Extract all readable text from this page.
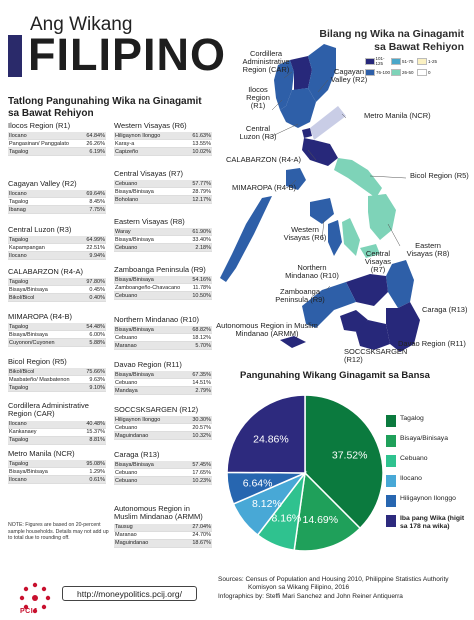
Ang Wikang
FILIPINO	Bilang ng Wika na Ginagamit sa Bawat Rehiyon
101-125	51-75	1-25
76-100	26-50	0
Tatlong Pangunahing Wika na Ginagamit sa Bawat Rehiyon
Ilocos Region (R1)
Ilocano	64.84%
Pangasinan/ Panggalato	26.26%
Tagalog	6.19%
Cagayan Valley (R2)
Ilocano	69.64%
Tagalog	8.45%
Ibanag	7.75%
Central Luzon (R3)
Tagalog	64.99%
Kapampangan	22.51%
Ilocano	9.94%
CALABARZON (R4-A)
Tagalog	97.80%
Bisaya/Binisaya	0.45%
Bikol/Bicol	0.40%
MIMAROPA (R4-B)
Tagalog	54.48%
Bisaya/Binisaya	6.00%
Cuyonon/Cuyonen	5.88%
Bicol Region (R5)
Bikol/Bicol	75.66%
Masbateño/ Masbatenon	9.63%
Tagalog	9.10%
Cordillera Administrative Region (CAR)
Ilocano	40.48%
Kankanaey	15.37%
Tagalog	8.81%
Metro Manila (NCR)
Tagalog	95.08%
Bisaya/Binisaya	1.29%
Ilocano	0.61%
Western Visayas (R6)
Hiligaynon Ilonggo	61.63%
Karay-a	13.55%
Capizeño	10.02%
Central Visayas (R7)
Cebuano	57.77%
Bisaya/Binisaya	28.79%
Boholano	12.17%
Eastern Visayas (R8)
Waray	61.90%
Bisaya/Binisaya	33.40%
Cebuano	2.18%
Zamboanga Peninsula (R9)
Bisaya/Binisaya	54.16%
Zamboangeño-Chavacano	11.78%
Cebuano	10.50%
Northern Mindanao (R10)
Bisaya/Binisaya	68.82%
Cebuano	18.12%
Maranao	5.70%
Davao Region (R11)
Bisaya/Binisaya	67.35%
Cebuano	14.51%
Mandaya	2.79%
SOCCSKSARGEN (R12)
Hiligaynon Ilonggo	30.30%
Cebuano	20.57%
Maguindanao	10.32%
Caraga (R13)
Bisaya/Binisaya	57.45%
Cebuano	17.65%
Cebuano	10.23%
Autonomous Region in Muslim Mindanao (ARMM)
Tausug	27.04%
Maranao	24.70%
Maguindanao	18.67%
NOTE: Figures are based on 20-percent sample households. Details may not add up to total due to rounding off.
Cordillera Administrative Region (CAR)	Cagayan Valley (R2)
Ilocos Region (R1)
Central Luzon (R3)
Metro Manila (NCR)
CALABARZON (R4-A)
MIMAROPA (R4-B)
Bicol Region (R5)
Western Visayas (R6)
Eastern Visayas (R8)
Central Visayas (R7)
Northern Mindanao (R10)
Zamboanga Peninsula (R9)
Caraga (R13)
Autonomous Region in Muslim Mindanao (ARMM)
SOCCSKSARGEN (R12)
Davao Region (R11)
Pangunahing Wikang Ginagamit sa Bansa
37.52%
14.69%
8.16%
8.12%
6.64%
24.86%
Tagalog
Bisaya/Binisaya
Cebuano
Ilocano
Hiligaynon Ilonggo
Iba pang Wika (higit sa 178 na wika)
PCIJ
http://moneypolitics.pcij.org/
Sources: Census of Population and Housing 2010, Philippine Statistics Authority
Komisyon sa Wikang Filipino, 2016
Infographics by: Steffi Mari Sanchez and John Reiner Antiquerra
